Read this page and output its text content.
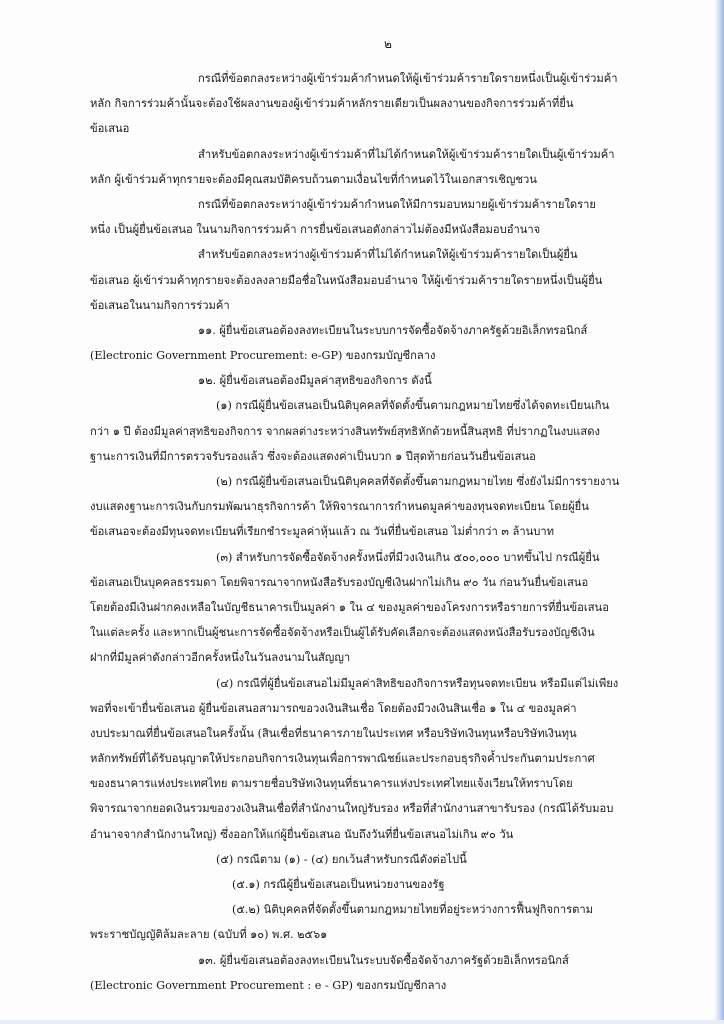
๒
กรณีที่ข้อตกลงระหว่างผู้เข้าร่วมค้ากำหนดให้ผู้เข้าร่วมค้ารายใดรายหนึ่งเป็นผู้เข้าร่วมค้า
หลัก กิจการร่วมค้านั้นจะต้องใช้ผลงานของผู้เข้าร่วมค้าหลักรายเดียวเป็นผลงานของกิจการร่วมค้าที่ยื่น
ข้อเสนอ
สำหรับข้อตกลงระหว่างผู้เข้าร่วมค้าที่ไม่ได้กำหนดให้ผู้เข้าร่วมค้ารายใดเป็นผู้เข้าร่วมค้า
หลัก ผู้เข้าร่วมค้าทุกรายจะต้องมีคุณสมบัติครบถ้วนตามเงื่อนไขที่กำหนดไว้ในเอกสารเชิญชวน
กรณีที่ข้อตกลงระหว่างผู้เข้าร่วมค้ากำหนดให้มีการมอบหมายผู้เข้าร่วมค้ารายใดราย
หนึ่ง เป็นผู้ยื่นข้อเสนอ ในนามกิจการร่วมค้า การยื่นข้อเสนอดังกล่าวไม่ต้องมีหนังสือมอบอำนาจ
สำหรับข้อตกลงระหว่างผู้เข้าร่วมค้าที่ไม่ได้กำหนดให้ผู้เข้าร่วมค้ารายใดเป็นผู้ยื่น
ข้อเสนอ ผู้เข้าร่วมค้าทุกรายจะต้องลงลายมือชื่อในหนังสือมอบอำนาจ ให้ผู้เข้าร่วมค้ารายใดรายหนึ่งเป็นผู้ยื่น
ข้อเสนอในนามกิจการร่วมค้า
๑๑. ผู้ยื่นข้อเสนอต้องลงทะเบียนในระบบการจัดซื้อจัดจ้างภาครัฐด้วยอิเล็กทรอนิกส์
(Electronic Government Procurement: e-GP) ของกรมบัญชีกลาง
๑๒. ผู้ยื่นข้อเสนอต้องมีมูลค่าสุทธิของกิจการ ดังนี้
(๑) กรณีผู้ยื่นข้อเสนอเป็นนิติบุคคลที่จัดตั้งขึ้นตามกฎหมายไทยซึ่งได้จดทะเบียนเกิน
กว่า ๑ ปี ต้องมีมูลค่าสุทธิของกิจการ จากผลต่างระหว่างสินทรัพย์สุทธิหักด้วยหนี้สินสุทธิ ที่ปรากฏในงบแสดง
ฐานะการเงินที่มีการตรวจรับรองแล้ว ซึ่งจะต้องแสดงค่าเป็นบวก ๑ ปีสุดท้ายก่อนวันยื่นข้อเสนอ
(๒) กรณีผู้ยื่นข้อเสนอเป็นนิติบุคคลที่จัดตั้งขึ้นตามกฎหมายไทย ซึ่งยังไม่มีการรายงาน
งบแสดงฐานะการเงินกับกรมพัฒนาธุรกิจการค้า ให้พิจารณาการกำหนดมูลค่าของทุนจดทะเบียน โดยผู้ยื่น
ข้อเสนอจะต้องมีทุนจดทะเบียนที่เรียกชำระมูลค่าหุ้นแล้ว ณ วันที่ยื่นข้อเสนอ ไม่ต่ำกว่า ๓ ล้านบาท
(๓) สำหรับการจัดซื้อจัดจ้างครั้งหนึ่งที่มีวงเงินเกิน ๕๐๐,๐๐๐ บาทขึ้นไป กรณีผู้ยื่น
ข้อเสนอเป็นบุคคลธรรมดา โดยพิจารณาจากหนังสือรับรองบัญชีเงินฝากไม่เกิน ๙๐ วัน ก่อนวันยื่นข้อเสนอ
โดยต้องมีเงินฝากคงเหลือในบัญชีธนาคารเป็นมูลค่า ๑ ใน ๔ ของมูลค่าของโครงการหรือรายการที่ยื่นข้อเสนอ
ในแต่ละครั้ง และหากเป็นผู้ชนะการจัดซื้อจัดจ้างหรือเป็นผู้ได้รับคัดเลือกจะต้องแสดงหนังสือรับรองบัญชีเงิน
ฝากที่มีมูลค่าดังกล่าวอีกครั้งหนึ่งในวันลงนามในสัญญา
(๔) กรณีที่ผู้ยื่นข้อเสนอไม่มีมูลค่าสิทธิของกิจการหรือทุนจดทะเบียน หรือมีแต่ไม่เพียง
พอที่จะเข้ายื่นข้อเสนอ ผู้ยื่นข้อเสนอสามารถขอวงเงินสินเชื่อ โดยต้องมีวงเงินสินเชื่อ ๑ ใน ๔ ของมูลค่า
งบประมาณที่ยื่นข้อเสนอในครั้งนั้น (สินเชื่อที่ธนาคารภายในประเทศ หรือบริษัทเงินทุนหรือบริษัทเงินทุน
หลักทรัพย์ที่ได้รับอนุญาตให้ประกอบกิจการเงินทุนเพื่อการพาณิชย์และประกอบธุรกิจค้ำประกันตามประกาศ
ของธนาคารแห่งประเทศไทย ตามรายชื่อบริษัทเงินทุนที่ธนาคารแห่งประเทศไทยแจ้งเวียนให้ทราบโดย
พิจารณาจากยอดเงินรวมของวงเงินสินเชื่อที่สำนักงานใหญ่รับรอง หรือที่สำนักงานสาขารับรอง (กรณีได้รับมอบ
อำนาจจากสำนักงานใหญ่) ซึ่งออกให้แก่ผู้ยื่นข้อเสนอ นับถึงวันที่ยื่นข้อเสนอไม่เกิน ๙๐ วัน
(๕) กรณีตาม (๑) - (๔) ยกเว้นสำหรับกรณีดังต่อไปนี้
(๕.๑) กรณีผู้ยื่นข้อเสนอเป็นหน่วยงานของรัฐ
(๕.๒) นิติบุคคลที่จัดตั้งขึ้นตามกฎหมายไทยที่อยู่ระหว่างการฟื้นฟูกิจการตาม
พระราชบัญญัติล้มละลาย (ฉบับที่ ๑๐) พ.ศ. ๒๕๖๑
๑๓. ผู้ยื่นข้อเสนอต้องลงทะเบียนในระบบจัดซื้อจัดจ้างภาครัฐด้วยอิเล็กทรอนิกส์
(Electronic Government Procurement : e - GP) ของกรมบัญชีกลาง
